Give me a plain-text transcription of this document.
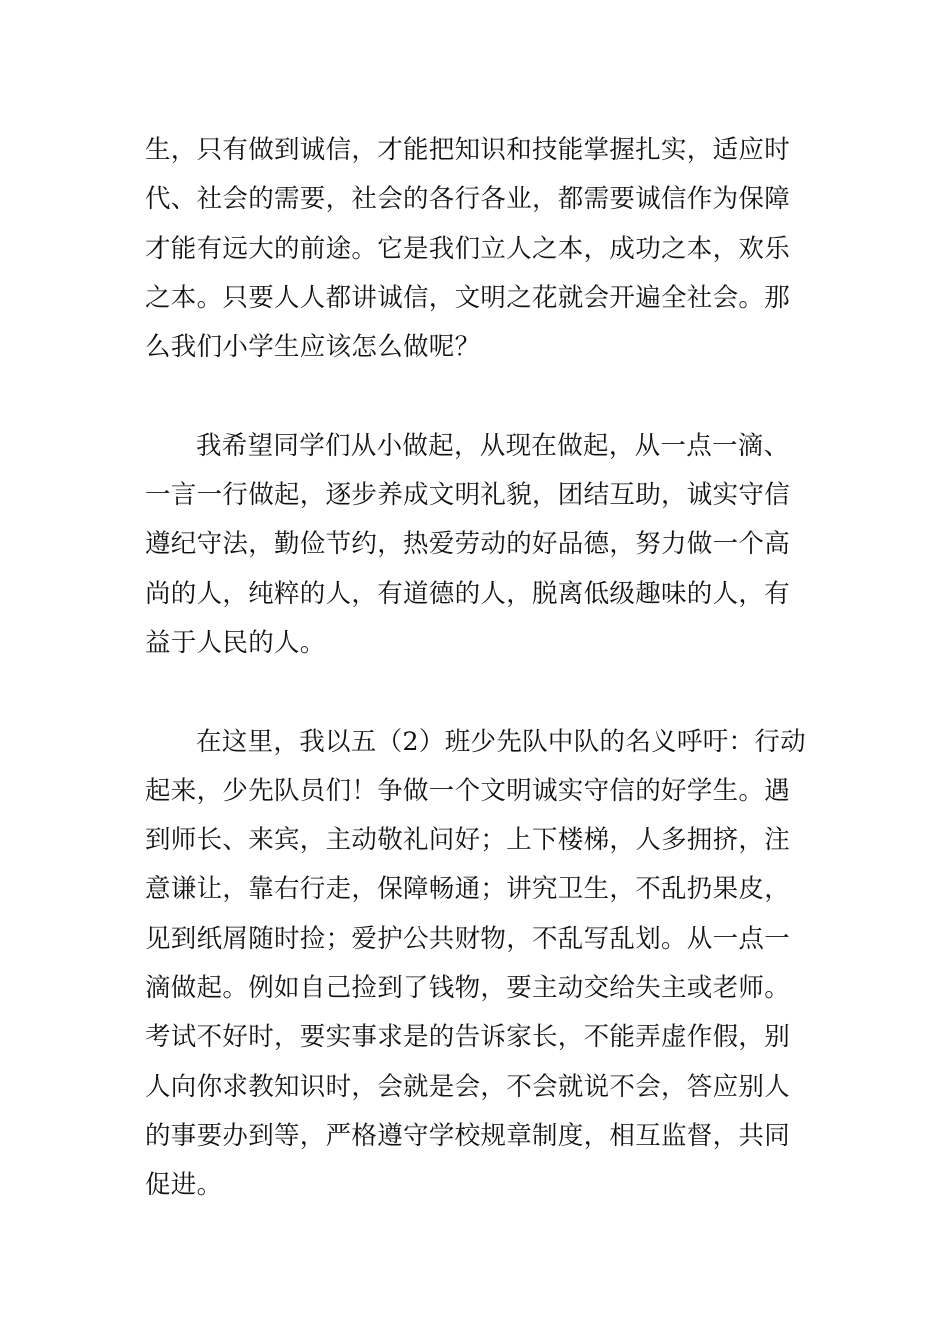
生，只有做到诚信，才能把知识和技能掌握扎实，适应时
代、社会的需要，社会的各行各业，都需要诚信作为保障
才能有远大的前途。它是我们立人之本，成功之本，欢乐
之本。只要人人都讲诚信，文明之花就会开遍全社会。那
么我们小学生应该怎么做呢？
我希望同学们从小做起，从现在做起，从一点一滴、
一言一行做起，逐步养成文明礼貌，团结互助，诚实守信
遵纪守法，勤俭节约，热爱劳动的好品德，努力做一个高
尚的人，纯粹的人，有道德的人，脱离低级趣味的人，有
益于人民的人。
在这里，我以五（2）班少先队中队的名义呼吁：行动
起来，少先队员们！争做一个文明诚实守信的好学生。遇
到师长、来宾，主动敬礼问好；上下楼梯，人多拥挤，注
意谦让，靠右行走，保障畅通；讲究卫生，不乱扔果皮，
见到纸屑随时捡；爱护公共财物，不乱写乱划。从一点一
滴做起。例如自己捡到了钱物，要主动交给失主或老师。
考试不好时，要实事求是的告诉家长，不能弄虚作假，别
人向你求教知识时，会就是会，不会就说不会，答应别人
的事要办到等，严格遵守学校规章制度，相互监督，共同
促进。
